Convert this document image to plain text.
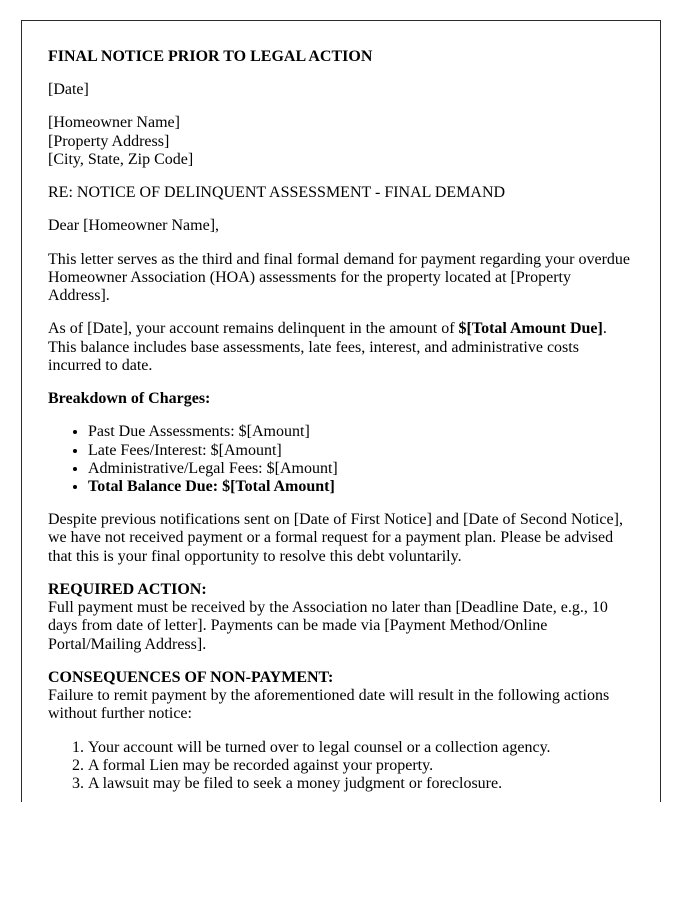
FINAL NOTICE PRIOR TO LEGAL ACTION

[Date]

[Homeowner Name]
[Property Address]
[City, State, Zip Code]

RE: NOTICE OF DELINQUENT ASSESSMENT - FINAL DEMAND

Dear [Homeowner Name],

This letter serves as the third and final formal demand for payment regarding your overdue Homeowner Association (HOA) assessments for the property located at [Property Address].

As of [Date], your account remains delinquent in the amount of $[Total Amount Due]. This balance includes base assessments, late fees, interest, and administrative costs incurred to date.

Breakdown of Charges:

• Past Due Assessments: $[Amount]
• Late Fees/Interest: $[Amount]
• Administrative/Legal Fees: $[Amount]
• Total Balance Due: $[Total Amount]

Despite previous notifications sent on [Date of First Notice] and [Date of Second Notice], we have not received payment or a formal request for a payment plan. Please be advised that this is your final opportunity to resolve this debt voluntarily.

REQUIRED ACTION:
Full payment must be received by the Association no later than [Deadline Date, e.g., 10 days from date of letter]. Payments can be made via [Payment Method/Online Portal/Mailing Address].

CONSEQUENCES OF NON-PAYMENT:
Failure to remit payment by the aforementioned date will result in the following actions without further notice:

1. Your account will be turned over to legal counsel or a collection agency.
2. A formal Lien may be recorded against your property.
3. A lawsuit may be filed to seek a money judgment or foreclosure.
